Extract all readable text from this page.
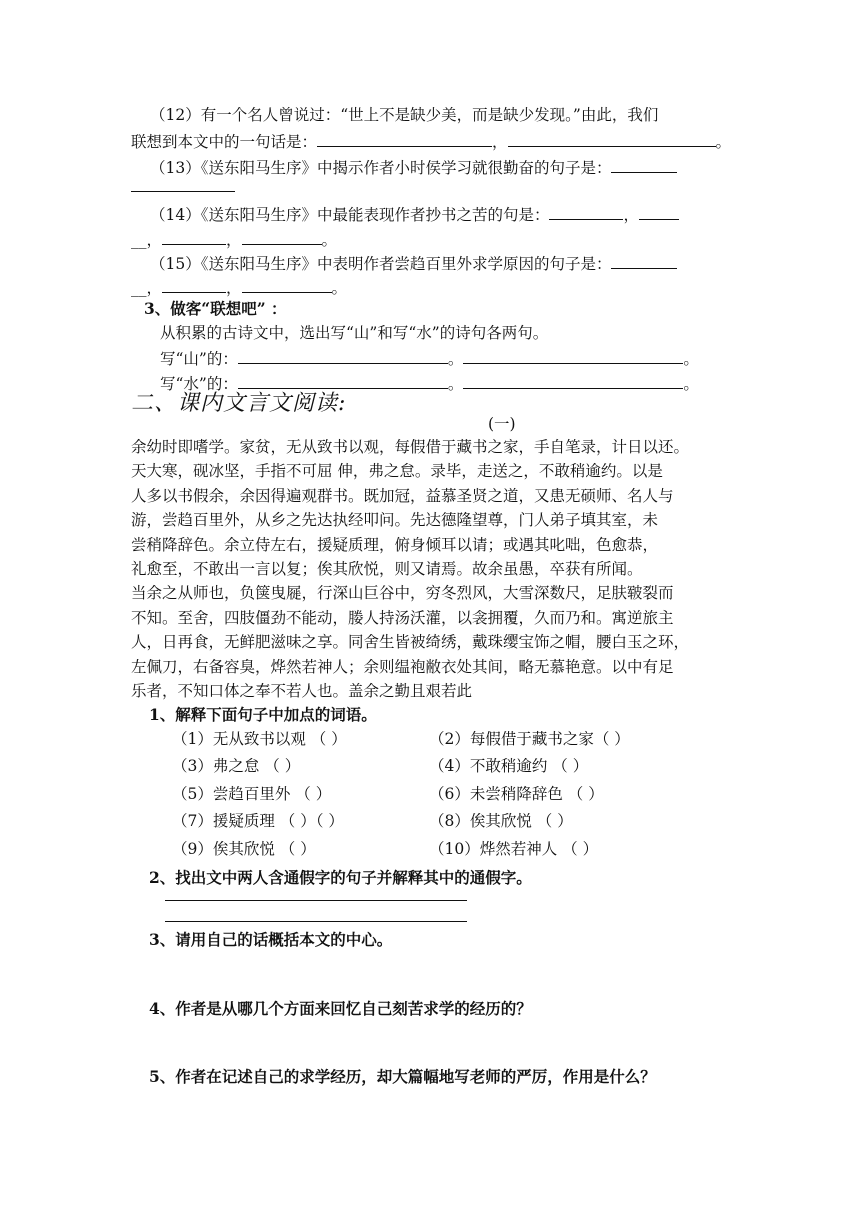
（12）有一个名人曾说过：“世上不是缺少美，而是缺少发现。”由此，我们
联想到本文中的一句话是：	，	。
（13）《送东阳马生序》中揭示作者小时侯学习就很勤奋的句子是：
（14）《送东阳马生序》中最能表现作者抄书之苦的句是：	，
__，	，	。
（15）《送东阳马生序》中表明作者尝趋百里外求学原因的句子是：
__，	，	。
3、做客“联想吧” ：
从积累的古诗文中，选出写“山”和写“水”的诗句各两句。
写“山”的：	。	。
写“水”的：	。	。
二、课内文言文阅读:
(一)
余幼时即嗜学。家贫，无从致书以观，每假借于藏书之家，手自笔录，计日以还。
天大寒，砚冰坚，手指不可屈 伸，弗之怠。录毕，走送之，不敢稍逾约。以是
人多以书假余，余因得遍观群书。既加冠，益慕圣贤之道，又患无硕师、名人与
游，尝趋百里外，从乡之先达执经叩问。先达德隆望尊，门人弟子填其室，未
尝稍降辞色。余立侍左右，援疑质理，俯身倾耳以请；或遇其叱咄，色愈恭，
礼愈至，不敢出一言以复；俟其欣悦，则又请焉。故余虽愚，卒获有所闻。
当余之从师也，负箧曳屣，行深山巨谷中，穷冬烈风，大雪深数尺，足肤皲裂而
不知。至舍，四肢僵劲不能动，媵人持汤沃灌，以衾拥覆，久而乃和。寓逆旅主
人，日再食，无鲜肥滋味之享。同舍生皆被绮绣，戴珠缨宝饰之帽，腰白玉之环，
左佩刀，右备容臭，烨然若神人；余则缊袍敝衣处其间，略无慕艳意。以中有足
乐者，不知口体之奉不若人也。盖余之勤且艰若此
1、解释下面句子中加点的词语。
（1）无从致书以观 （ ）	（2）每假借于藏书之家（ ）
（3）弗之怠 （ ）	（4）不敢稍逾约 （ ）
（5）尝趋百里外 （ ）	（6）未尝稍降辞色 （ ）
（7）援疑质理 （ ）（ ）	（8）俟其欣悦 （ ）
（9）俟其欣悦 （ ）	（10）烨然若神人 （ ）
2、找出文中两人含通假字的句子并解释其中的通假字。
3、请用自己的话概括本文的中心。
4、作者是从哪几个方面来回忆自己刻苦求学的经历的？
5、作者在记述自己的求学经历，却大篇幅地写老师的严厉，作用是什么？
